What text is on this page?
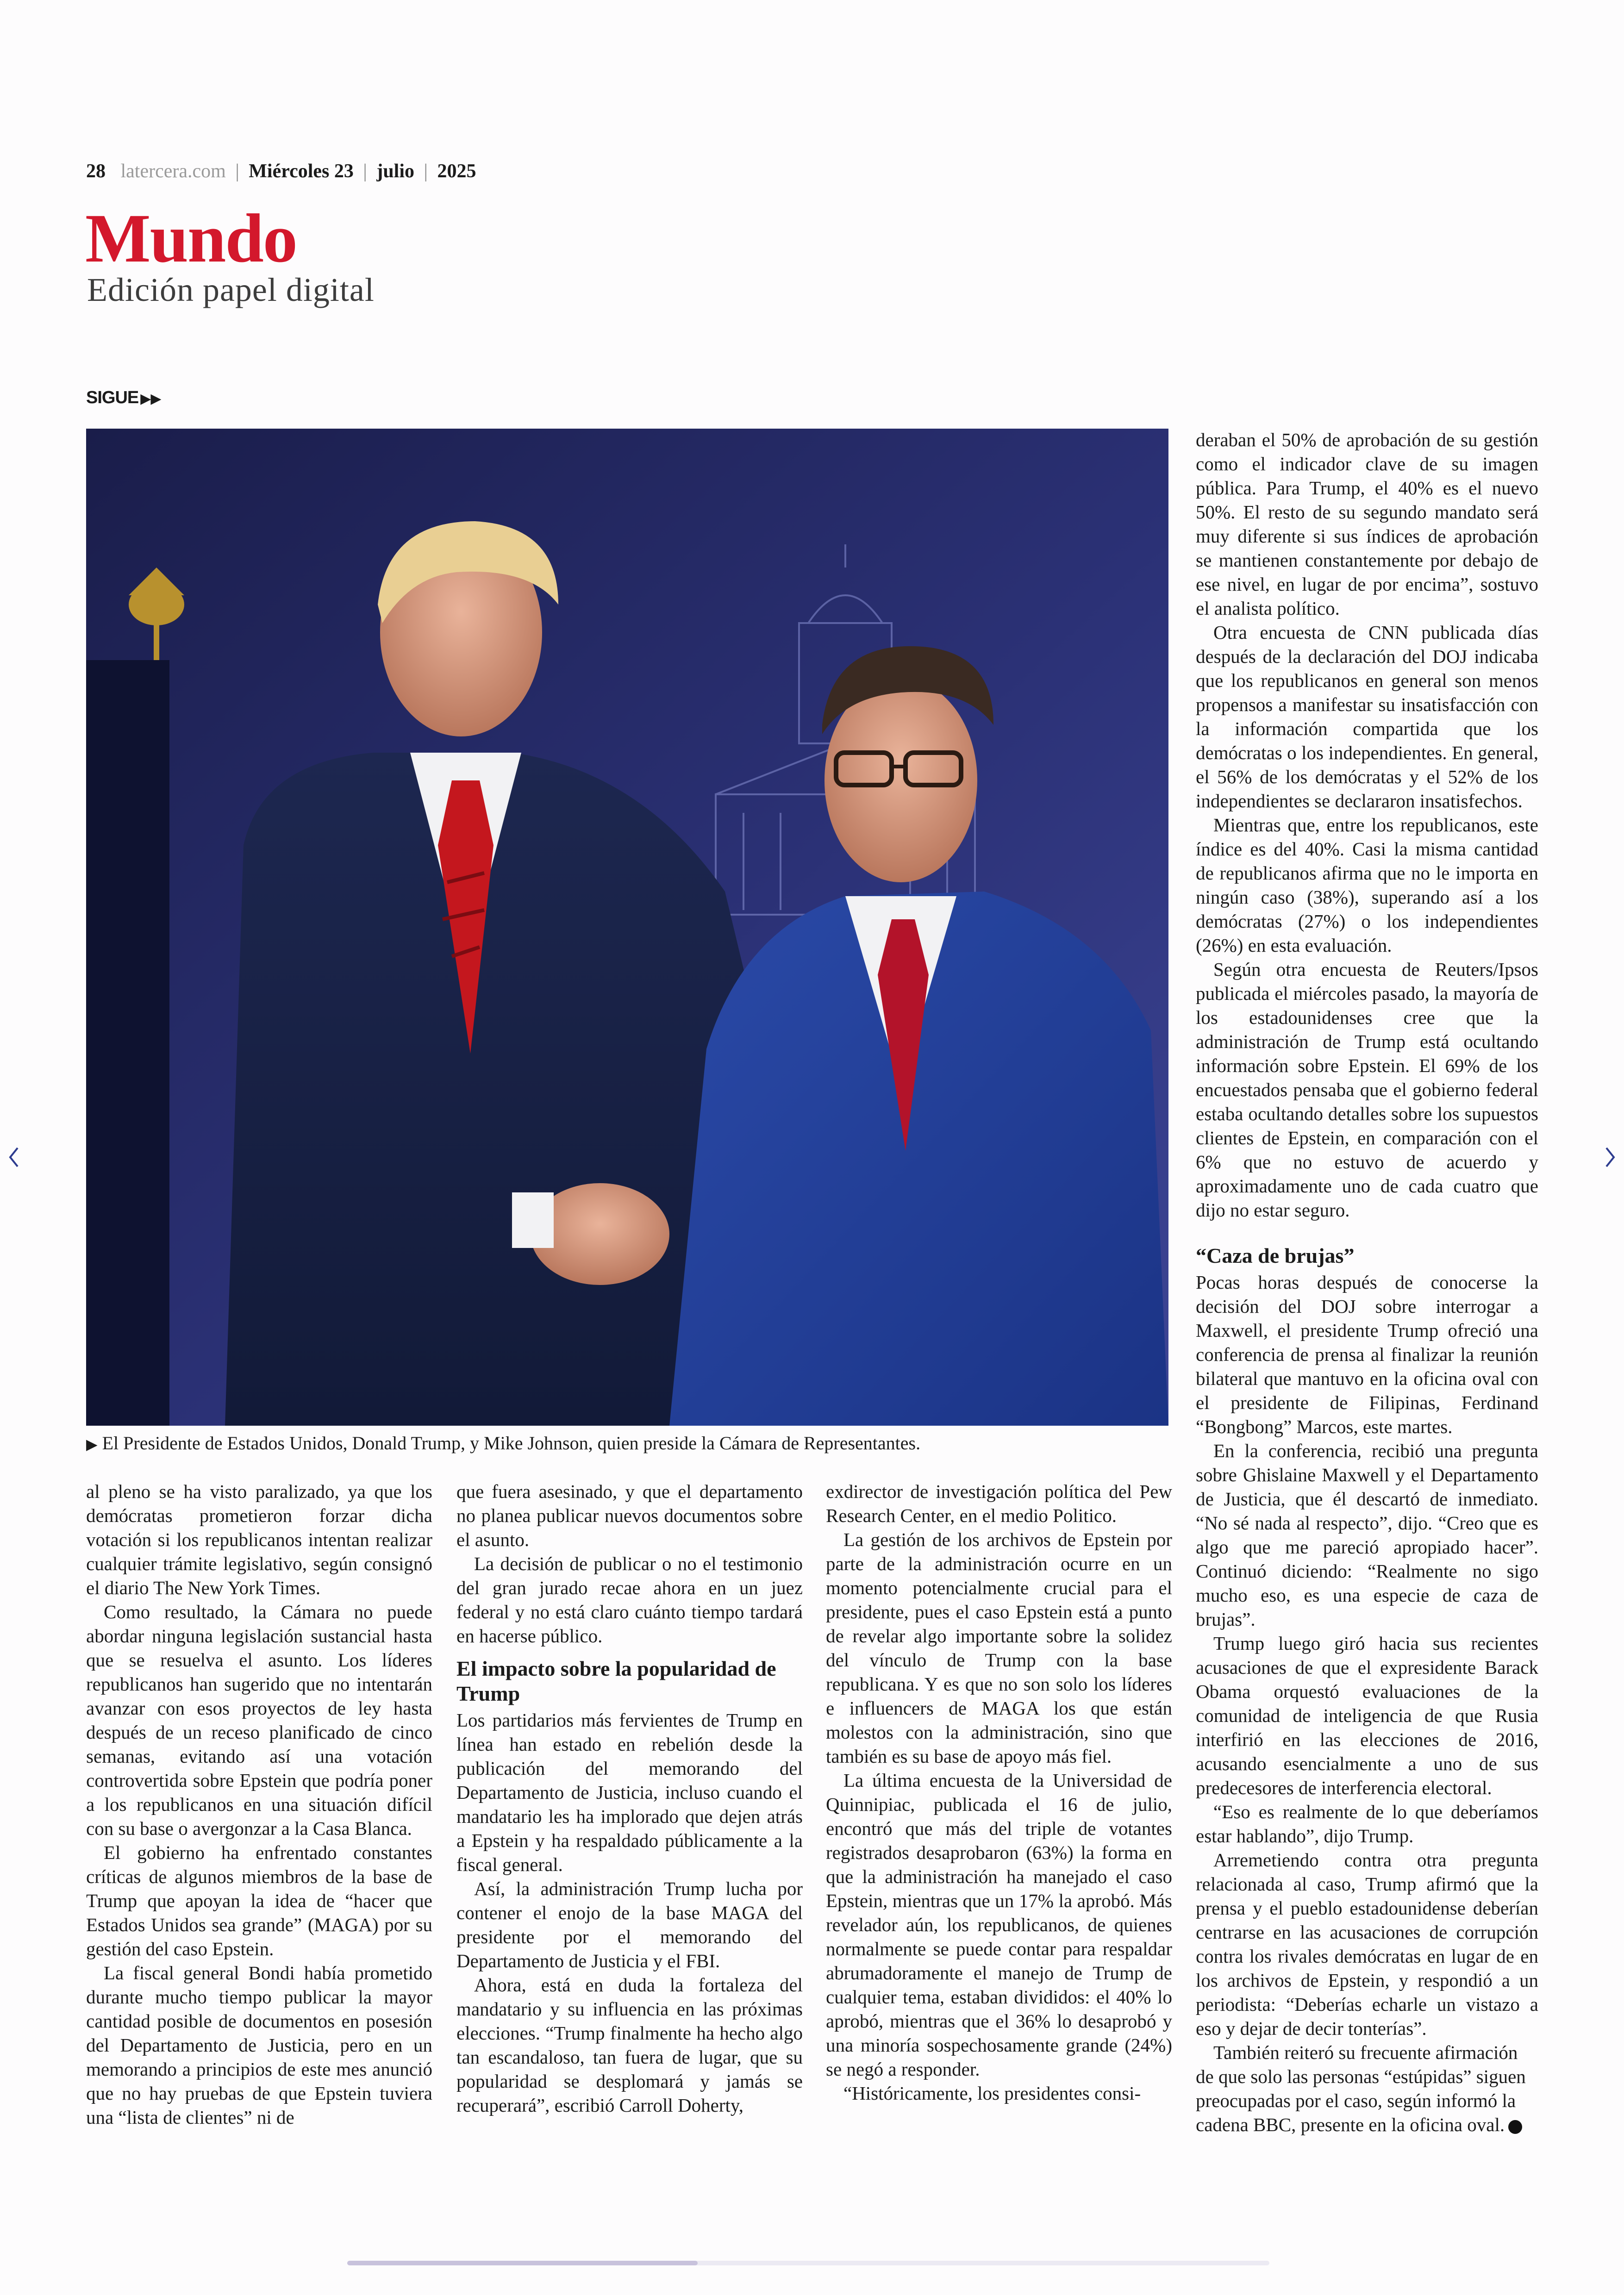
28 latercera.com | Miércoles 23 | julio | 2025
Mundo
Edición papel digital
SIGUE ▶▶
▶ El Presidente de Estados Unidos, Donald Trump, y Mike Johnson, quien preside la Cámara de Representantes.

al pleno se ha visto paralizado, ya que los demócratas prometieron forzar dicha votación si los republicanos intentan realizar cualquier trámite legislativo, según consignó el diario The New York Times.

Como resultado, la Cámara no puede abordar ninguna legislación sustancial hasta que se resuelva el asunto. Los líderes republicanos han sugerido que no intentarán avanzar con esos proyectos de ley hasta después de un receso planificado de cinco semanas, evitando así una votación controvertida sobre Epstein que podría poner a los republicanos en una situación difícil con su base o avergonzar a la Casa Blanca.

El gobierno ha enfrentado constantes críticas de algunos miembros de la base de Trump que apoyan la idea de “hacer que Estados Unidos sea grande” (MAGA) por su gestión del caso Epstein.

La fiscal general Bondi había prometido durante mucho tiempo publicar la mayor cantidad posible de documentos en posesión del Departamento de Justicia, pero en un memorando a principios de este mes anunció que no hay pruebas de que Epstein tuviera una “lista de clientes” ni de

que fuera asesinado, y que el departamento no planea publicar nuevos documentos sobre el asunto.

La decisión de publicar o no el testimonio del gran jurado recae ahora en un juez federal y no está claro cuánto tiempo tardará en hacerse público.

El impacto sobre la popularidad de Trump

Los partidarios más fervientes de Trump en línea han estado en rebelión desde la publicación del memorando del Departamento de Justicia, incluso cuando el mandatario les ha implorado que dejen atrás a Epstein y ha respaldado públicamente a la fiscal general.

Así, la administración Trump lucha por contener el enojo de la base MAGA del presidente por el memorando del Departamento de Justicia y el FBI.

Ahora, está en duda la fortaleza del mandatario y su influencia en las próximas elecciones. “Trump finalmente ha hecho algo tan escandaloso, tan fuera de lugar, que su popularidad se desplomará y jamás se recuperará”, escribió Carroll Doherty,

exdirector de investigación política del Pew Research Center, en el medio Politico.

La gestión de los archivos de Epstein por parte de la administración ocurre en un momento potencialmente crucial para el presidente, pues el caso Epstein está a punto de revelar algo importante sobre la solidez del vínculo de Trump con la base republicana. Y es que no son solo los líderes e influencers de MAGA los que están molestos con la administración, sino que también es su base de apoyo más fiel.

La última encuesta de la Universidad de Quinnipiac, publicada el 16 de julio, encontró que más del triple de votantes registrados desaprobaron (63%) la forma en que la administración ha manejado el caso Epstein, mientras que un 17% la aprobó. Más revelador aún, los republicanos, de quienes normalmente se puede contar para respaldar abrumadoramente el manejo de Trump de cualquier tema, estaban divididos: el 40% lo aprobó, mientras que el 36% lo desaprobó y una minoría sospechosamente grande (24%) se negó a responder.

“Históricamente, los presidentes consi-

deraban el 50% de aprobación de su gestión como el indicador clave de su imagen pública. Para Trump, el 40% es el nuevo 50%. El resto de su segundo mandato será muy diferente si sus índices de aprobación se mantienen constantemente por debajo de ese nivel, en lugar de por encima”, sostuvo el analista político.

Otra encuesta de CNN publicada días después de la declaración del DOJ indicaba que los republicanos en general son menos propensos a manifestar su insatisfacción con la información compartida que los demócratas o los independientes. En general, el 56% de los demócratas y el 52% de los independientes se declararon insatisfechos.

Mientras que, entre los republicanos, este índice es del 40%. Casi la misma cantidad de republicanos afirma que no le importa en ningún caso (38%), superando así a los demócratas (27%) o los independientes (26%) en esta evaluación.

Según otra encuesta de Reuters/Ipsos publicada el miércoles pasado, la mayoría de los estadounidenses cree que la administración de Trump está ocultando información sobre Epstein. El 69% de los encuestados pensaba que el gobierno federal estaba ocultando detalles sobre los supuestos clientes de Epstein, en comparación con el 6% que no estuvo de acuerdo y aproximadamente uno de cada cuatro que dijo no estar seguro.

“Caza de brujas”

Pocas horas después de conocerse la decisión del DOJ sobre interrogar a Maxwell, el presidente Trump ofreció una conferencia de prensa al finalizar la reunión bilateral que mantuvo en la oficina oval con el presidente de Filipinas, Ferdinand “Bongbong” Marcos, este martes.

En la conferencia, recibió una pregunta sobre Ghislaine Maxwell y el Departamento de Justicia, que él descartó de inmediato. “No sé nada al respecto”, dijo. “Creo que es algo que me pareció apropiado hacer”. Continuó diciendo: “Realmente no sigo mucho eso, es una especie de caza de brujas”.

Trump luego giró hacia sus recientes acusaciones de que el expresidente Barack Obama orquestó evaluaciones de la comunidad de inteligencia de que Rusia interfirió en las elecciones de 2016, acusando esencialmente a uno de sus predecesores de interferencia electoral.

“Eso es realmente de lo que deberíamos estar hablando”, dijo Trump.

Arremetiendo contra otra pregunta relacionada al caso, Trump afirmó que la prensa y el pueblo estadounidense deberían centrarse en las acusaciones de corrupción contra los rivales demócratas en lugar de en los archivos de Epstein, y respondió a un periodista: “Deberías echarle un vistazo a eso y dejar de decir tonterías”.

También reiteró su frecuente afirmación de que solo las personas “estúpidas” siguen preocupadas por el caso, según informó la cadena BBC, presente en la oficina oval.
